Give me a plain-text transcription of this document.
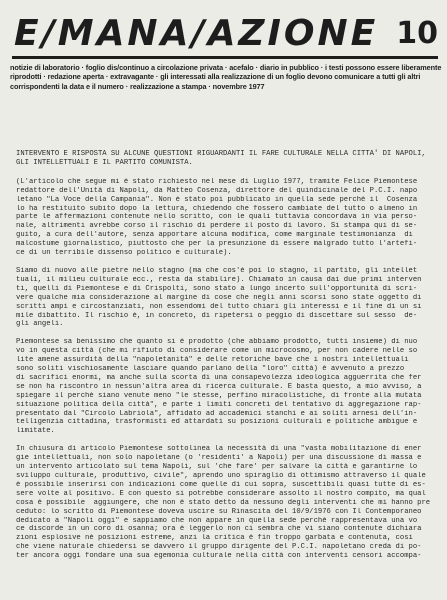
E/MANA/AZIONE 10
notizie di laboratorio · foglio dis/continuo a circolazione privata · acefalo · diario in pubblico · i testi possono essere liberamente riprodotti · redazione aperta · extravagante · gli interessati alla realizzazione di un foglio devono comunicare a tutti gli altri corrispondenti la data e il numero · realizzazione a stampa · novembre 1977
INTERVENTO E RISPOSTA SU ALCUNE QUESTIONI RIGUARDANTI IL FARE CULTURALE NELLA CITTA' DI NAPOLI,
GLI INTELLETTUALI E IL PARTITO COMUNISTA.
(L'articolo che segue mi è stato richiesto nel mese di Luglio 1977, tramite Felice Piemontese
redattore dell'Unità di Napoli, da Matteo Cosenza, direttore del quindicinale del P.C.I. napo
letano "La Voce della Campania". Non è stato poi pubblicato in quella sede perchè il  Cosenza
lo ha restituito subito dopo la lettura, chiedendo che fossero cambiate del tutto o almeno in
parte le affermazioni contenute nello scritto, con le quali tuttavia concordava in via perso-
nale, altrimenti avrebbe corso il rischio di perdere il posto di lavoro. Si stampa qui di se-
guito, a cura dell'autore, senza apportare alcuna modifica, come marginale testimonianza  di
malcostume giornalistico, piuttosto che per la presunzione di essere malgrado tutto l'artefi-
ce di un terribile dissenso politico e culturale).
Siamo di nuovo alle pietre nello stagno (ma che cos'è poi lo stagno, il partito, gli intellet
tuali, il milieu culturale ecc., resta da stabilire). Chiamato in causa dai due primi interven
ti, quelli di Piemontese e di Crispolti, sono stato a lungo incerto sull'opportunità di scri-
vere qualche mia considerazione al margine di cose che negli anni scorsi sono state oggetto di
scritti ampi e circostanziati, non essendomi del tutto chiari gli interessi e il fine di un si
mile dibattito. Il rischio è, in concreto, di ripetersi o peggio di discettare sul sesso  de-
gli angeli.
Piemontese sa benissimo che quanto si è prodotto (che abbiamo prodotto, tutti insieme) di nuo
vo in questa città (che mi rifiuto di considerare come un microcosmo, per non cadere nelle so
lite amene assurdità della "napoletanità" e delle retoriche bave che i nostri intellettuali
sono soliti vischiosamente lasciare quando parlano della "loro" città) è avvenuto a prezzo
di sacrifici enormi, ma anche sulla scorta di una consapevolezza ideologica agguerrita che fer
se non ha riscontro in nessun'altra area di ricerca culturale. E basta questo, a mio avviso, a
spiegare il perchè siano venute meno "le stesse, perfino miracolistiche, di fronte alla mutata
situazione politica della città", e parte i limiti concreti del tentativo di aggregazione rap-
presentato dal "Circolo Labriola", affidato ad accademici stanchi e ai soliti arnesi dell'in-
telligenzia cittadina, trasformisti ed attardati su posizioni culturali e politiche ambigue e
limitate.
In chiusura di articolo Piemontese sottolinea la necessità di una "vasta mobilitazione di ener
gie intellettuali, non solo napoletane (o 'residenti' a Napoli) per una discussione di massa e
un intervento articolato sul tema Napoli, sul 'che fare' per salvare la città e garantirne lo
sviluppo culturale, produttivo, civile", aprendo uno spiraglio di ottimismo attraverso il quale
è possibile inserirsi con indicazioni come quelle di cui sopra, suscettibili quasi tutte di es-
sere volte al positivo. E con questo si potrebbe considerare assolto il nostro compito, ma qual
cosa è possibile  aggiungere, che non è stato detto da nessuno degli interventi che mi hanno pre
ceduto: lo scritto di Piemontese doveva uscire su Rinascita del 10/9/1976 con Il Contemporaneo
dedicato a "Napoli oggi" e sappiamo che non appare in quella sede perchè rappresentava una vo
ce discorde in un coro di osanna; ora è leggerlo non ci sembra che vi siano contenute dichiara
zioni esplosive nè posizioni estreme, anzi la critica è fin troppo garbata e contenuta, cosi
che viene naturale chiedersi se davvero il gruppo dirigente del P.C.I. napoletano creda di po-
ter ancora oggi fondare una sua egemonia culturale nella città con interventi censori accompa-
